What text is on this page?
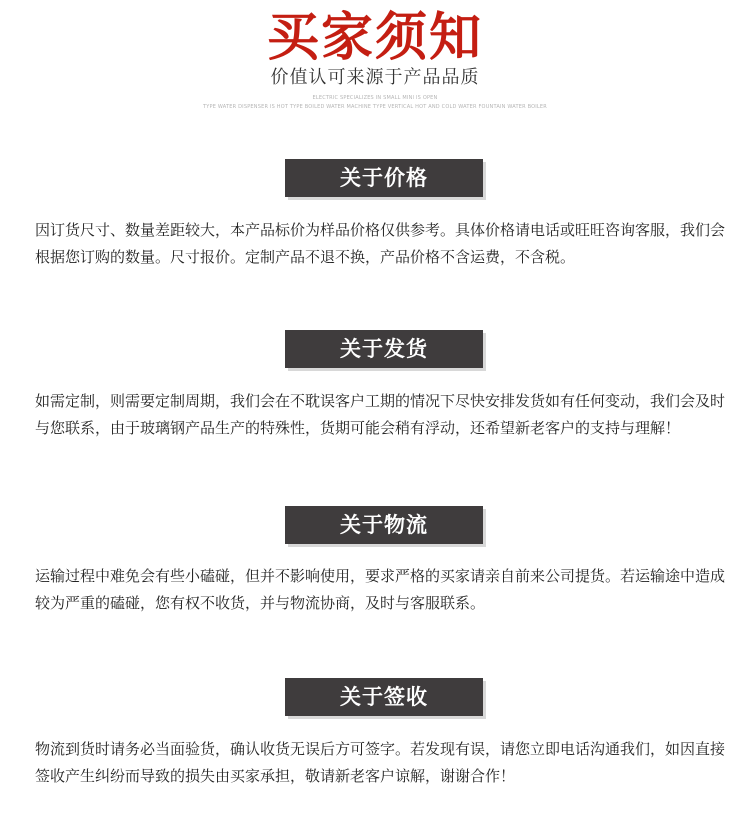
买家须知
价值认可来源于产品品质
ELECTRIC SPECIALIZES IN SMALL MINI IS OPEN
TYPE WATER DISPENSER IS HOT TYPE BOILED WATER MACHINE TYPE VERTICAL HOT AND COLD WATER FOUNTAIN WATER BOILER
关于价格

因订货尺寸、数量差距较大，本产品标价为样品价格仅供参考。具体价格请电话或旺旺咨询客服，我们会根据您订购的数量。尺寸报价。定制产品不退不换，产品价格不含运费，不含税。

关于发货

如需定制，则需要定制周期，我们会在不耽误客户工期的情况下尽快安排发货如有任何变动，我们会及时与您联系，由于玻璃钢产品生产的特殊性，货期可能会稍有浮动，还希望新老客户的支持与理解！

关于物流

运输过程中难免会有些小磕碰，但并不影响使用，要求严格的买家请亲自前来公司提货。若运输途中造成较为严重的磕碰，您有权不收货，并与物流协商，及时与客服联系。

关于签收

物流到货时请务必当面验货，确认收货无误后方可签字。若发现有误，请您立即电话沟通我们，如因直接签收产生纠纷而导致的损失由买家承担，敬请新老客户谅解，谢谢合作！
